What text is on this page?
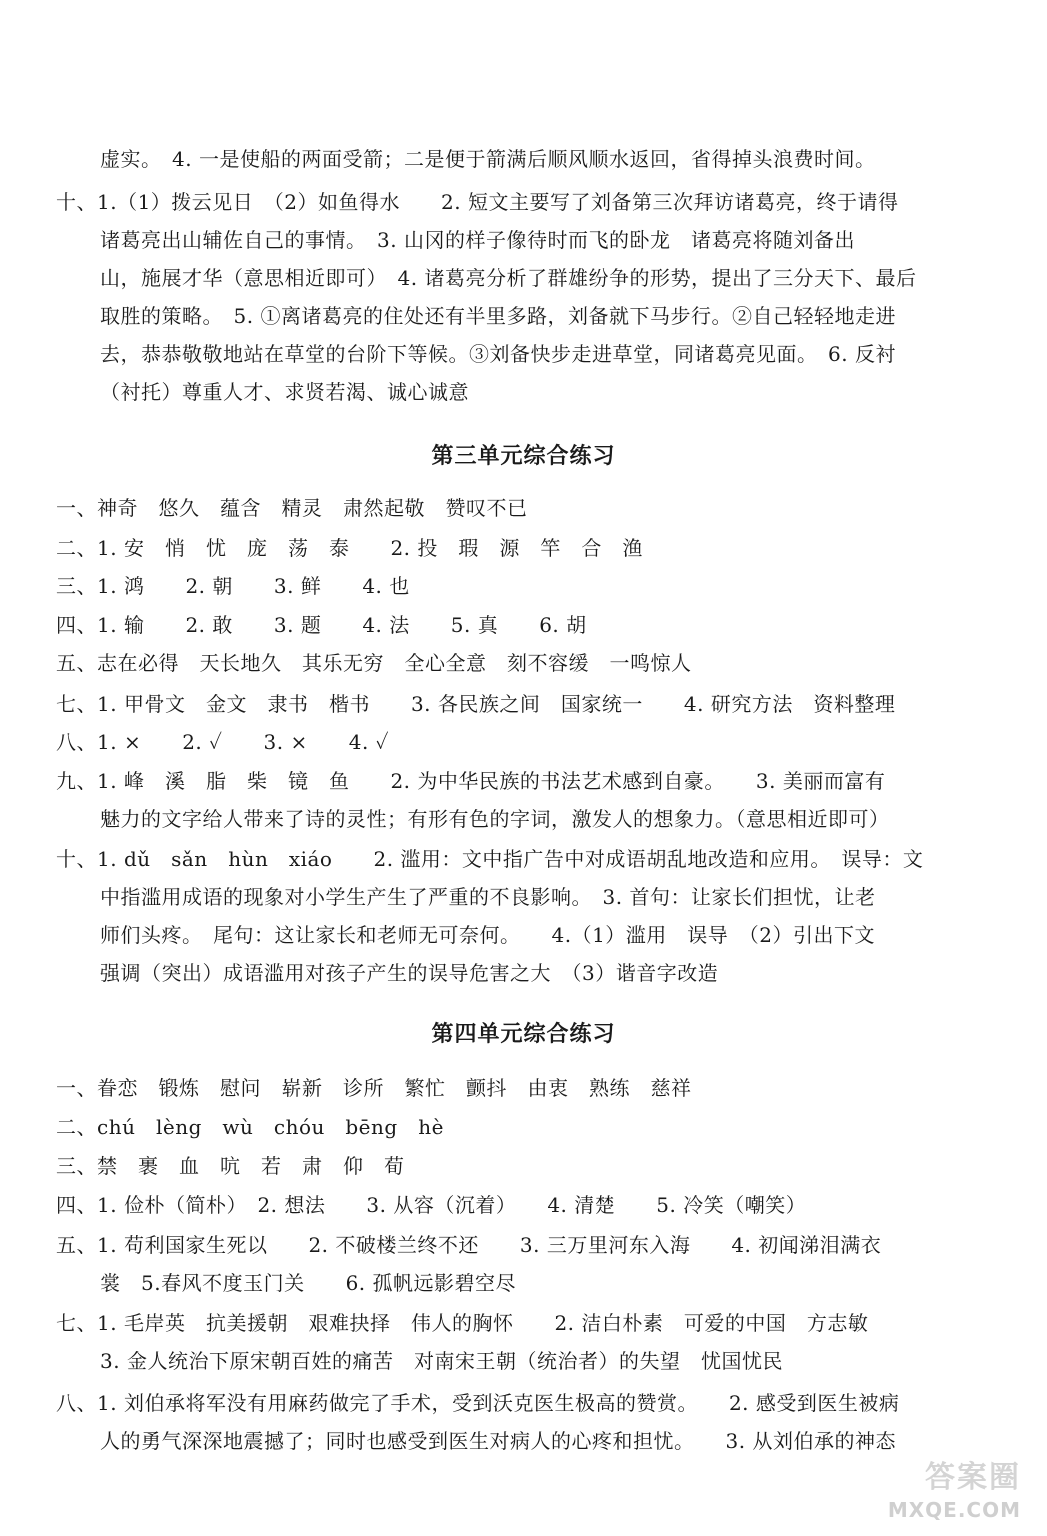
虚实。　4. 一是使船的两面受箭；二是便于箭满后顺风顺水返回，省得掉头浪费时间。
十、1.（1）拨云见日　（2）如鱼得水　　2. 短文主要写了刘备第三次拜访诸葛亮，终于请得
诸葛亮出山辅佐自己的事情。　3. 山冈的样子像待时而飞的卧龙　诸葛亮将随刘备出
山，施展才华（意思相近即可）　4. 诸葛亮分析了群雄纷争的形势，提出了三分天下、最后
取胜的策略。　5. ①离诸葛亮的住处还有半里多路，刘备就下马步行。②自己轻轻地走进
去，恭恭敬敬地站在草堂的台阶下等候。③刘备快步走进草堂，同诸葛亮见面。　6. 反衬
（衬托）尊重人才、求贤若渴、诚心诚意
第三单元综合练习
一、神奇　悠久　蕴含　精灵　肃然起敬　赞叹不已
二、1. 安　悄　忧　庞　荡　泰　　2. 投　瑕　源　竿　合　渔
三、1. 鸿　　2. 朝　　3. 鲜　　4. 也
四、1. 输　　2. 敢　　3. 题　　4. 法　　5. 真　　6. 胡
五、志在必得　天长地久　其乐无穷　全心全意　刻不容缓　一鸣惊人
七、1. 甲骨文　金文　隶书　楷书　　3. 各民族之间　国家统一　　4. 研究方法　资料整理
八、1. ×　　2. ✓　　3. ×　　4. ✓
九、1. 峰　溪　脂　柴　镜　鱼　　2. 为中华民族的书法艺术感到自豪。　　3. 美丽而富有
魅力的文字给人带来了诗的灵性；有形有色的字词，激发人的想象力。（意思相近即可）
十、1. dǔ　sǎn　hùn　xiáo　　2. 滥用：文中指广告中对成语胡乱地改造和应用。　误导：文
中指滥用成语的现象对小学生产生了严重的不良影响。　3. 首句：让家长们担忧，让老
师们头疼。　尾句：这让家长和老师无可奈何。　　4.（1）滥用　误导　（2）引出下文
强调（突出）成语滥用对孩子产生的误导危害之大　（3）谐音字改造
第四单元综合练习
一、眷恋　锻炼　慰问　崭新　诊所　繁忙　颤抖　由衷　熟练　慈祥
二、chú　lèng　wù　chóu　bēng　hè
三、禁　裹　血　吭　若　肃　仰　荀
四、1. 俭朴（简朴）　2. 想法　　3. 从容（沉着）　　4. 清楚　　5. 冷笑（嘲笑）
五、1. 苟利国家生死以　　2. 不破楼兰终不还　　3. 三万里河东入海　　4. 初闻涕泪满衣
裳　5.春风不度玉门关　　6. 孤帆远影碧空尽
七、1. 毛岸英　抗美援朝　艰难抉择　伟人的胸怀　　2. 洁白朴素　可爱的中国　方志敏
3. 金人统治下原宋朝百姓的痛苦　对南宋王朝（统治者）的失望　忧国忧民
八、1. 刘伯承将军没有用麻药做完了手术，受到沃克医生极高的赞赏。　　2. 感受到医生被病
人的勇气深深地震撼了；同时也感受到医生对病人的心疼和担忧。　　3. 从刘伯承的神态
答案圈
MXQE.COM
